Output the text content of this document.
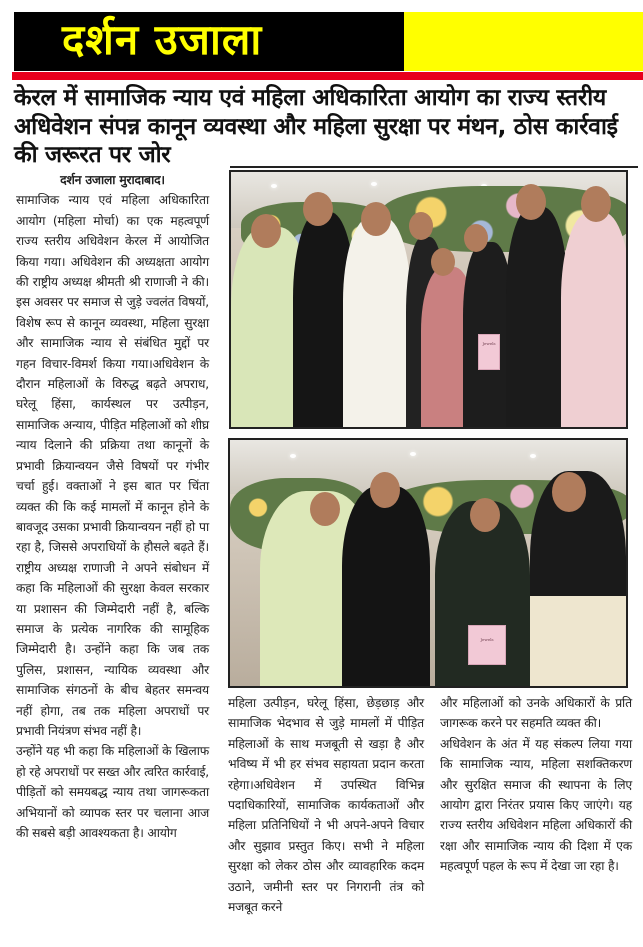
दर्शन उजाला
केरल में सामाजिक न्याय एवं महिला अधिकारिता आयोग का राज्य स्तरीय अधिवेशन संपन्न कानून व्यवस्था और महिला सुरक्षा पर मंथन, ठोस कार्रवाई की जरूरत पर जोर
दर्शन उजाला मुरादाबाद।

सामाजिक न्याय एवं महिला अधिकारिता आयोग (महिला मोर्चा) का एक महत्वपूर्ण राज्य स्तरीय अधिवेशन केरल में आयोजित किया गया। अधिवेशन की अध्यक्षता आयोग की राष्ट्रीय अध्यक्ष श्रीमती श्री राणाजी ने की। इस अवसर पर समाज से जुड़े ज्वलंत विषयों, विशेष रूप से कानून व्यवस्था, महिला सुरक्षा और सामाजिक न्याय से संबंधित मुद्दों पर गहन विचार-विमर्श किया गया।अधिवेशन के दौरान महिलाओं के विरुद्ध बढ़ते अपराध, घरेलू हिंसा, कार्यस्थल पर उत्पीड़न, सामाजिक अन्याय, पीड़ित महिलाओं को शीघ्र न्याय दिलाने की प्रक्रिया तथा कानूनों के प्रभावी क्रियान्वयन जैसे विषयों पर गंभीर चर्चा हुई। वक्ताओं ने इस बात पर चिंता व्यक्त की कि कई मामलों में कानून होने के बावजूद उसका प्रभावी क्रियान्वयन नहीं हो पा रहा है, जिससे अपराधियों के हौसले बढ़ते हैं।राष्ट्रीय अध्यक्ष राणाजी ने अपने संबोधन में कहा कि महिलाओं की सुरक्षा केवल सरकार या प्रशासन की जिम्मेदारी नहीं है, बल्कि समाज के प्रत्येक नागरिक की सामूहिक जिम्मेदारी है। उन्होंने कहा कि जब तक पुलिस, प्रशासन, न्यायिक व्यवस्था और सामाजिक संगठनों के बीच बेहतर समन्वय नहीं होगा, तब तक महिला अपराधों पर प्रभावी नियंत्रण संभव नहीं है।

उन्होंने यह भी कहा कि महिलाओं के खिलाफ हो रहे अपराधों पर सख्त और त्वरित कार्रवाई, पीड़ितों को समयबद्ध न्याय तथा जागरूकता अभियानों को व्यापक स्तर पर चलाना आज की सबसे बड़ी आवश्यकता है। आयोग

Jewels
Jewels

महिला उत्पीड़न, घरेलू हिंसा, छेड़छाड़ और सामाजिक भेदभाव से जुड़े मामलों में पीड़ित महिलाओं के साथ मजबूती से खड़ा है और भविष्य में भी हर संभव सहायता प्रदान करता रहेगा।अधिवेशन में उपस्थित विभिन्न पदाधिकारियों, सामाजिक कार्यकताओं और महिला प्रतिनिधियों ने भी अपने-अपने विचार और सुझाव प्रस्तुत किए। सभी ने महिला सुरक्षा को लेकर ठोस और व्यावहारिक कदम उठाने, जमीनी स्तर पर निगरानी तंत्र को मजबूत करने

और महिलाओं को उनके अधिकारों के प्रति जागरूक करने पर सहमति व्यक्त की।

अधिवेशन के अंत में यह संकल्प लिया गया कि सामाजिक न्याय, महिला सशक्तिकरण और सुरक्षित समाज की स्थापना के लिए आयोग द्वारा निरंतर प्रयास किए जाएंगे। यह राज्य स्तरीय अधिवेशन महिला अधिकारों की रक्षा और सामाजिक न्याय की दिशा में एक महत्वपूर्ण पहल के रूप में देखा जा रहा है।
